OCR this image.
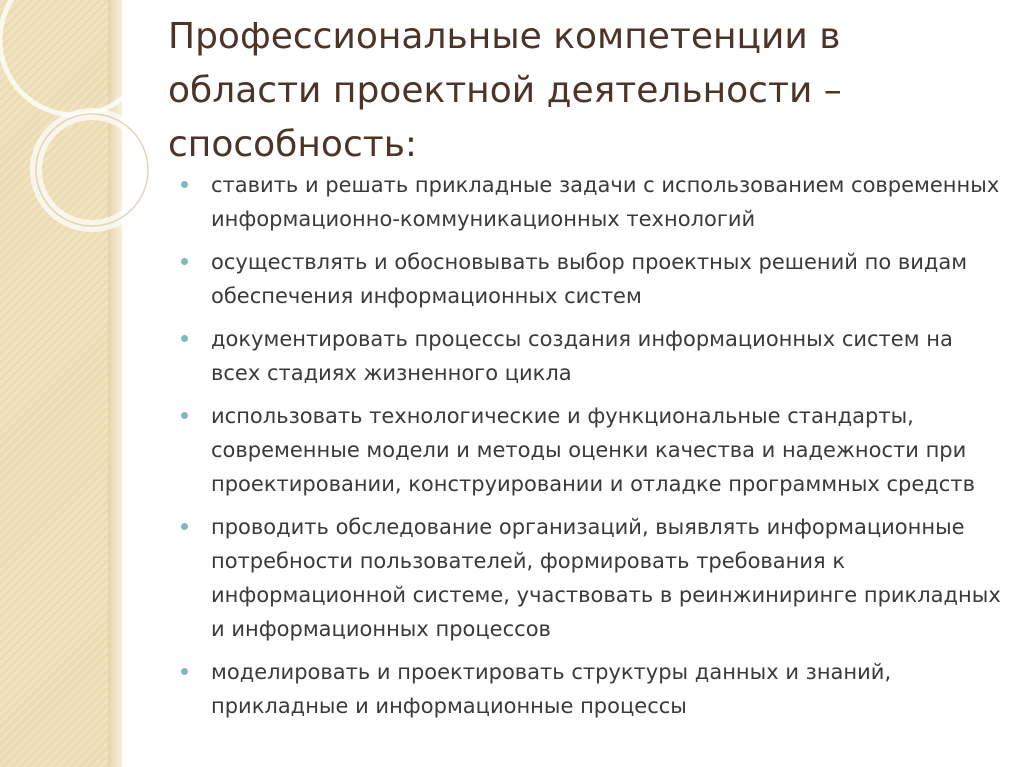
Профессиональные компетенции в области проектной деятельности – способность:
ставить и решать прикладные задачи с использованием современных информационно-коммуникационных технологий
осуществлять и обосновывать выбор проектных решений по видам обеспечения информационных систем
документировать процессы создания информационных систем на всех стадиях жизненного цикла
использовать технологические и функциональные стандарты, современные модели и методы оценки качества и надежности при проектировании, конструировании и отладке программных средств
проводить обследование организаций, выявлять информационные потребности пользователей, формировать требования к информационной системе, участвовать в реинжиниринге прикладных и информационных процессов
моделировать и проектировать структуры данных и знаний, прикладные и информационные процессы
